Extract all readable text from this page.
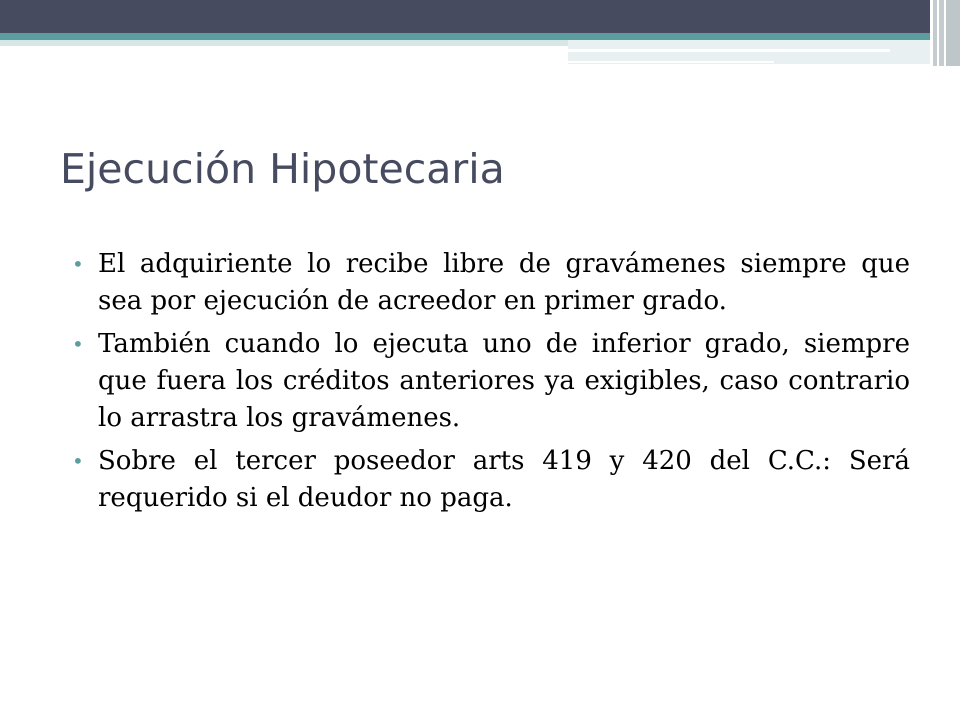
Ejecución Hipotecaria
• El adquiriente lo recibe libre de gravámenes siempre que sea por ejecución de acreedor en primer grado.
• También cuando lo ejecuta uno de inferior grado, siempre que fuera los créditos anteriores ya exigibles, caso contrario lo arrastra los gravámenes.
• Sobre el tercer poseedor arts 419 y 420 del C.C.: Será requerido si el deudor no paga.
